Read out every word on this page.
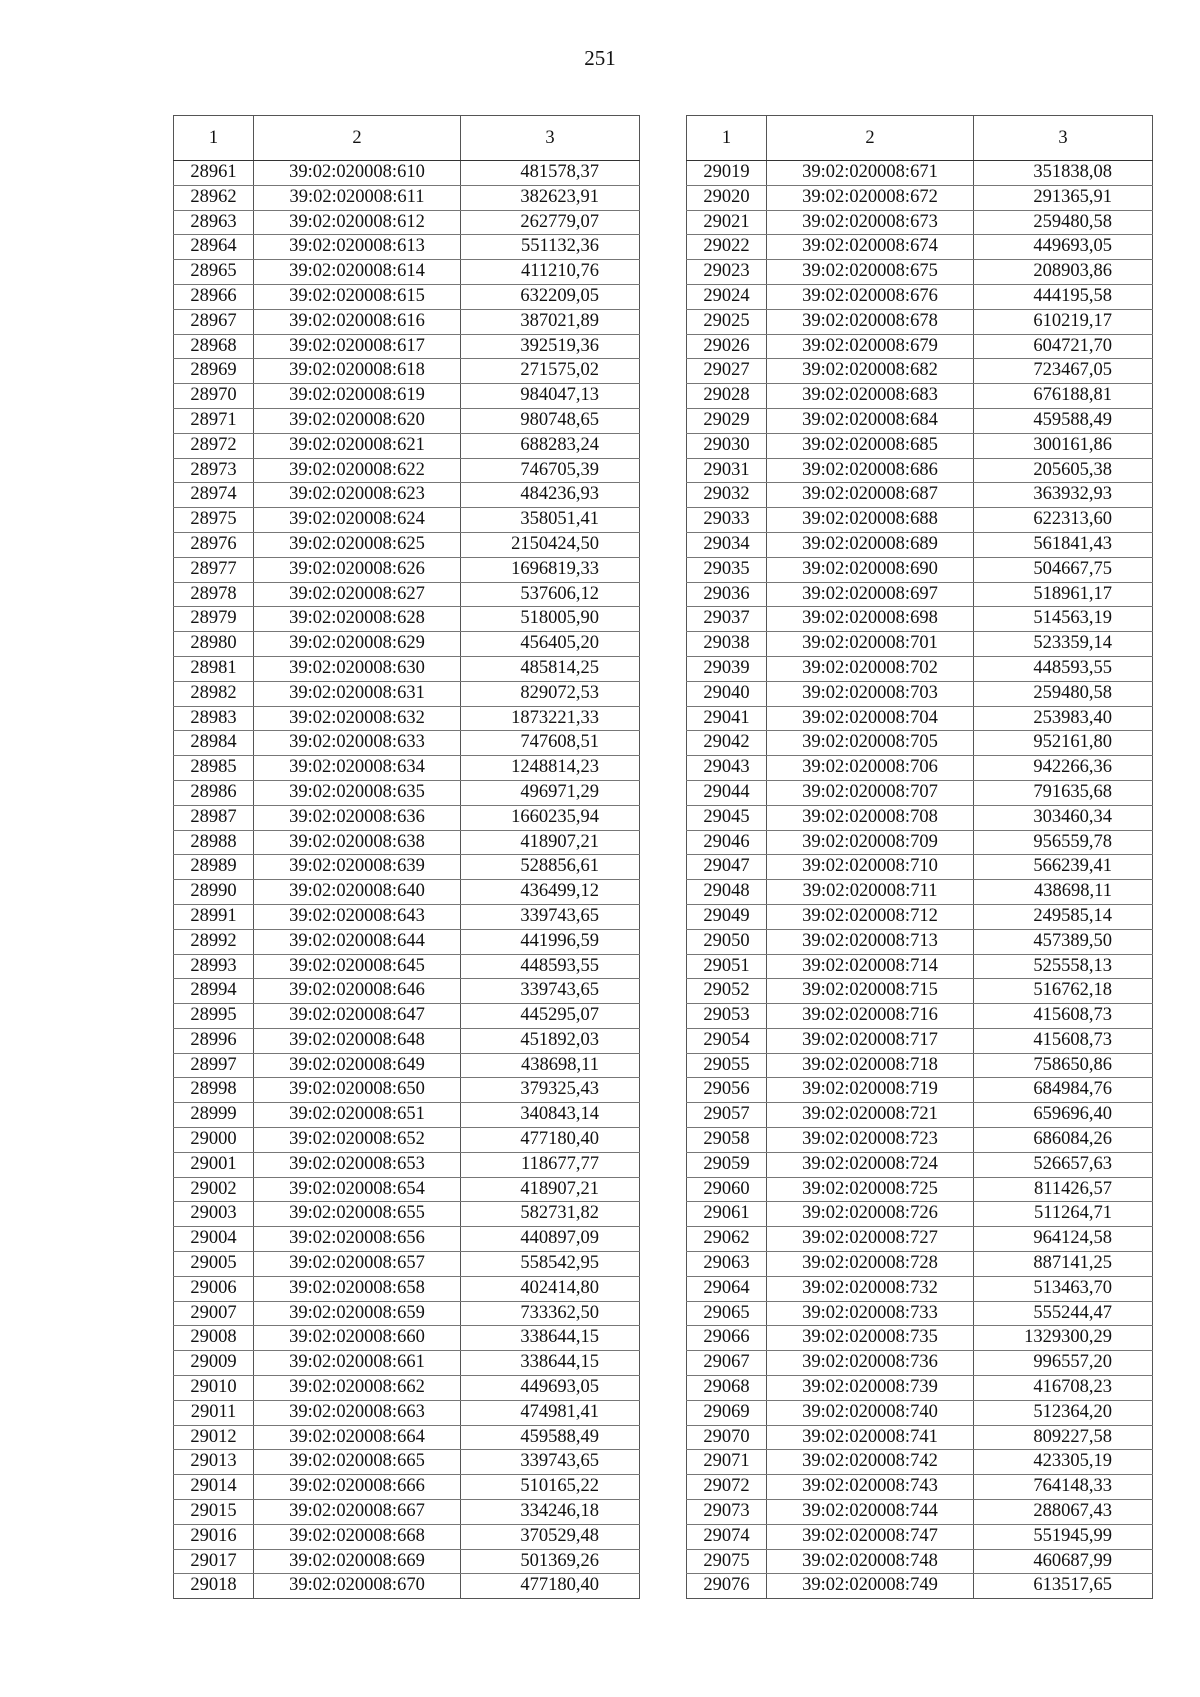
251
1	2	3
28961	39:02:020008:610	481578,37
28962	39:02:020008:611	382623,91
28963	39:02:020008:612	262779,07
28964	39:02:020008:613	551132,36
28965	39:02:020008:614	411210,76
28966	39:02:020008:615	632209,05
28967	39:02:020008:616	387021,89
28968	39:02:020008:617	392519,36
28969	39:02:020008:618	271575,02
28970	39:02:020008:619	984047,13
28971	39:02:020008:620	980748,65
28972	39:02:020008:621	688283,24
28973	39:02:020008:622	746705,39
28974	39:02:020008:623	484236,93
28975	39:02:020008:624	358051,41
28976	39:02:020008:625	2150424,50
28977	39:02:020008:626	1696819,33
28978	39:02:020008:627	537606,12
28979	39:02:020008:628	518005,90
28980	39:02:020008:629	456405,20
28981	39:02:020008:630	485814,25
28982	39:02:020008:631	829072,53
28983	39:02:020008:632	1873221,33
28984	39:02:020008:633	747608,51
28985	39:02:020008:634	1248814,23
28986	39:02:020008:635	496971,29
28987	39:02:020008:636	1660235,94
28988	39:02:020008:638	418907,21
28989	39:02:020008:639	528856,61
28990	39:02:020008:640	436499,12
28991	39:02:020008:643	339743,65
28992	39:02:020008:644	441996,59
28993	39:02:020008:645	448593,55
28994	39:02:020008:646	339743,65
28995	39:02:020008:647	445295,07
28996	39:02:020008:648	451892,03
28997	39:02:020008:649	438698,11
28998	39:02:020008:650	379325,43
28999	39:02:020008:651	340843,14
29000	39:02:020008:652	477180,40
29001	39:02:020008:653	118677,77
29002	39:02:020008:654	418907,21
29003	39:02:020008:655	582731,82
29004	39:02:020008:656	440897,09
29005	39:02:020008:657	558542,95
29006	39:02:020008:658	402414,80
29007	39:02:020008:659	733362,50
29008	39:02:020008:660	338644,15
29009	39:02:020008:661	338644,15
29010	39:02:020008:662	449693,05
29011	39:02:020008:663	474981,41
29012	39:02:020008:664	459588,49
29013	39:02:020008:665	339743,65
29014	39:02:020008:666	510165,22
29015	39:02:020008:667	334246,18
29016	39:02:020008:668	370529,48
29017	39:02:020008:669	501369,26
29018	39:02:020008:670	477180,40
1	2	3
29019	39:02:020008:671	351838,08
29020	39:02:020008:672	291365,91
29021	39:02:020008:673	259480,58
29022	39:02:020008:674	449693,05
29023	39:02:020008:675	208903,86
29024	39:02:020008:676	444195,58
29025	39:02:020008:678	610219,17
29026	39:02:020008:679	604721,70
29027	39:02:020008:682	723467,05
29028	39:02:020008:683	676188,81
29029	39:02:020008:684	459588,49
29030	39:02:020008:685	300161,86
29031	39:02:020008:686	205605,38
29032	39:02:020008:687	363932,93
29033	39:02:020008:688	622313,60
29034	39:02:020008:689	561841,43
29035	39:02:020008:690	504667,75
29036	39:02:020008:697	518961,17
29037	39:02:020008:698	514563,19
29038	39:02:020008:701	523359,14
29039	39:02:020008:702	448593,55
29040	39:02:020008:703	259480,58
29041	39:02:020008:704	253983,40
29042	39:02:020008:705	952161,80
29043	39:02:020008:706	942266,36
29044	39:02:020008:707	791635,68
29045	39:02:020008:708	303460,34
29046	39:02:020008:709	956559,78
29047	39:02:020008:710	566239,41
29048	39:02:020008:711	438698,11
29049	39:02:020008:712	249585,14
29050	39:02:020008:713	457389,50
29051	39:02:020008:714	525558,13
29052	39:02:020008:715	516762,18
29053	39:02:020008:716	415608,73
29054	39:02:020008:717	415608,73
29055	39:02:020008:718	758650,86
29056	39:02:020008:719	684984,76
29057	39:02:020008:721	659696,40
29058	39:02:020008:723	686084,26
29059	39:02:020008:724	526657,63
29060	39:02:020008:725	811426,57
29061	39:02:020008:726	511264,71
29062	39:02:020008:727	964124,58
29063	39:02:020008:728	887141,25
29064	39:02:020008:732	513463,70
29065	39:02:020008:733	555244,47
29066	39:02:020008:735	1329300,29
29067	39:02:020008:736	996557,20
29068	39:02:020008:739	416708,23
29069	39:02:020008:740	512364,20
29070	39:02:020008:741	809227,58
29071	39:02:020008:742	423305,19
29072	39:02:020008:743	764148,33
29073	39:02:020008:744	288067,43
29074	39:02:020008:747	551945,99
29075	39:02:020008:748	460687,99
29076	39:02:020008:749	613517,65
